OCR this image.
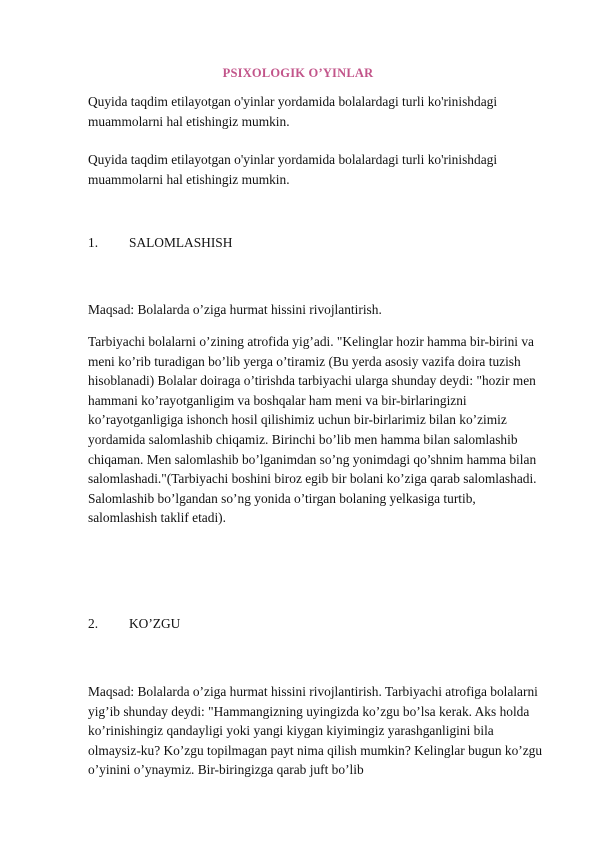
PSIXOLOGIK O’YINLAR

Quyida taqdim etilayotgan o'yinlar yordamida bolalardagi turli ko'rinishdagi muammolarni hal etishingiz mumkin.

Quyida taqdim etilayotgan o'yinlar yordamida bolalardagi turli ko'rinishdagi muammolarni hal etishingiz mumkin.

1. SALOMLASHISH

Maqsad: Bolalarda o’ziga hurmat hissini rivojlantirish.

Tarbiyachi bolalarni o’zining atrofida yig’adi. "Kelinglar hozir hamma bir-birini va meni ko’rib turadigan bo’lib yerga o’tiramiz (Bu yerda asosiy vazifa doira tuzish hisoblanadi) Bolalar doiraga o’tirishda tarbiyachi ularga shunday deydi: "hozir men hammani ko’rayotganligim va boshqalar ham meni va bir-birlaringizni ko’rayotganligiga ishonch hosil qilishimiz uchun bir-birlarimiz bilan ko’zimiz yordamida salomlashib chiqamiz. Birinchi bo’lib men hamma bilan salomlashib chiqaman. Men salomlashib bo’lganimdan so’ng yonimdagi qo’shnim hamma bilan salomlashadi."(Tarbiyachi boshini biroz egib bir bolani ko’ziga qarab salomlashadi. Salomlashib bo’lgandan so’ng yonida o’tirgan bolaning yelkasiga turtib, salomlashish taklif etadi).

2. KO’ZGU

Maqsad: Bolalarda o’ziga hurmat hissini rivojlantirish. Tarbiyachi atrofiga bolalarni yig’ib shunday deydi: "Hammangizning uyingizda ko’zgu bo’lsa kerak. Aks holda ko’rinishingiz qandayligi yoki yangi kiygan kiyimingiz yarashganligini bila olmaysiz-ku? Ko’zgu topilmagan payt nima qilish mumkin? Kelinglar bugun ko’zgu o’yinini o’ynaymiz. Bir-biringizga qarab juft bo’lib
